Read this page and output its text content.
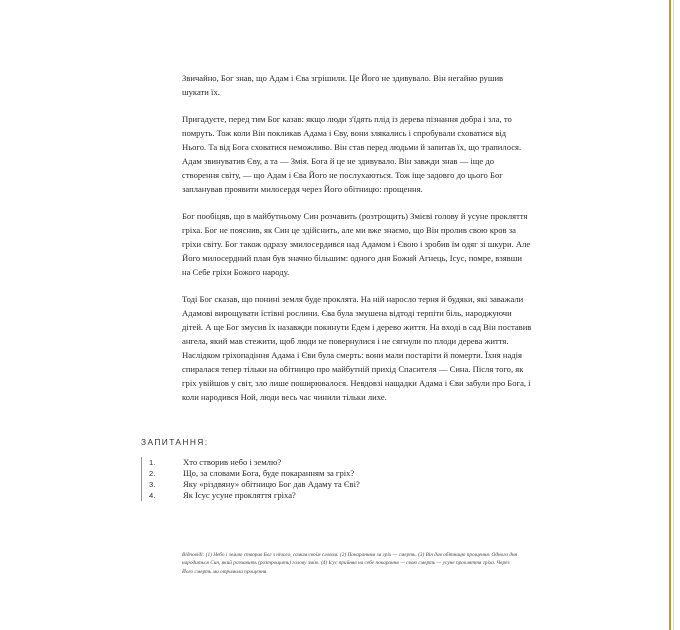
Звичайно, Бог знав, що Адам і Єва згрішили. Це Його не здивувало. Він негайно рушив шукати їх.

Пригадуєте, перед тим Бог казав: якщо люди з'їдять плід із дерева пізнання добра і зла, то помруть. Тож коли Він покликав Адама і Єву, вони злякались і спробували сховатися від Нього. Та від Бога сховатися неможливо. Він став перед людьми й запитав їх, що трапилося. Адам звинуватив Єву, а та — Змія. Бога й це не здивувало. Він завжди знав — іще до створення світу, — що Адам і Єва Його не послухаються. Тож іще задовго до цього Бог запланував проявити милосердя через Його обітницю: прощення.

Бог пообіцяв, що в майбутньому Син розчавить (розтрощить) Змієві голову й усуне прокляття гріха. Бог не пояснив, як Син це здійснить, але ми вже знаємо, що Він пролив свою кров за гріхи світу. Бог також одразу змилосердився над Адамом і Євою і зробив їм одяг зі шкури. Але Його милосердний план був значно більшим: одного дня Божий Агнець, Ісус, помре, взявши на Себе гріхи Божого народу.

Тоді Бог сказав, що понині земля буде проклята. На ній наросло терня й будяки, які заважали Адамові вирощувати їстівні рослини. Єва була змушена відтоді терпіти біль, народжуючи дітей. А ще Бог змусив їх назавжди покинути Едем і дерево життя. На вході в сад Він поставив ангела, який мав стежити, щоб люди не повернулися і не сягнули по плоди дерева життя. Наслідком гріхопадіння Адама і Єви була смерть: вони мали постаріти й померти. Їхня надія спиралася тепер тільки на обітницю про майбутній прихід Спасителя — Сина. Після того, як гріх увійшов у світ, зло лише поширювалося. Невдовзі нащадки Адама і Єви забули про Бога, і коли народився Ной, люди весь час чинили тільки лихе.

ЗАПИТАННЯ:
1.	Хто створив небо і землю?
2.	Що, за словами Бога, буде покаранням за гріх?
3.	Яку «різдвяну» обітницю Бог дав Адаму та Єві?
4.	Як Ісус усуне прокляття гріха?
Відповіді: (1) Небо і землю створив Бог з нічого, самим своїм словом. (2) Покаранням за гріх — смерть. (3) Він дав обітницю прощення. Одного дня народиться Син, який розчавить (розтрощить) голову змію. (4) Ісус прийняв на себе покарання — свою смерть — усуне прокляття гріха. Через Його смерть ми отримали прощення.
